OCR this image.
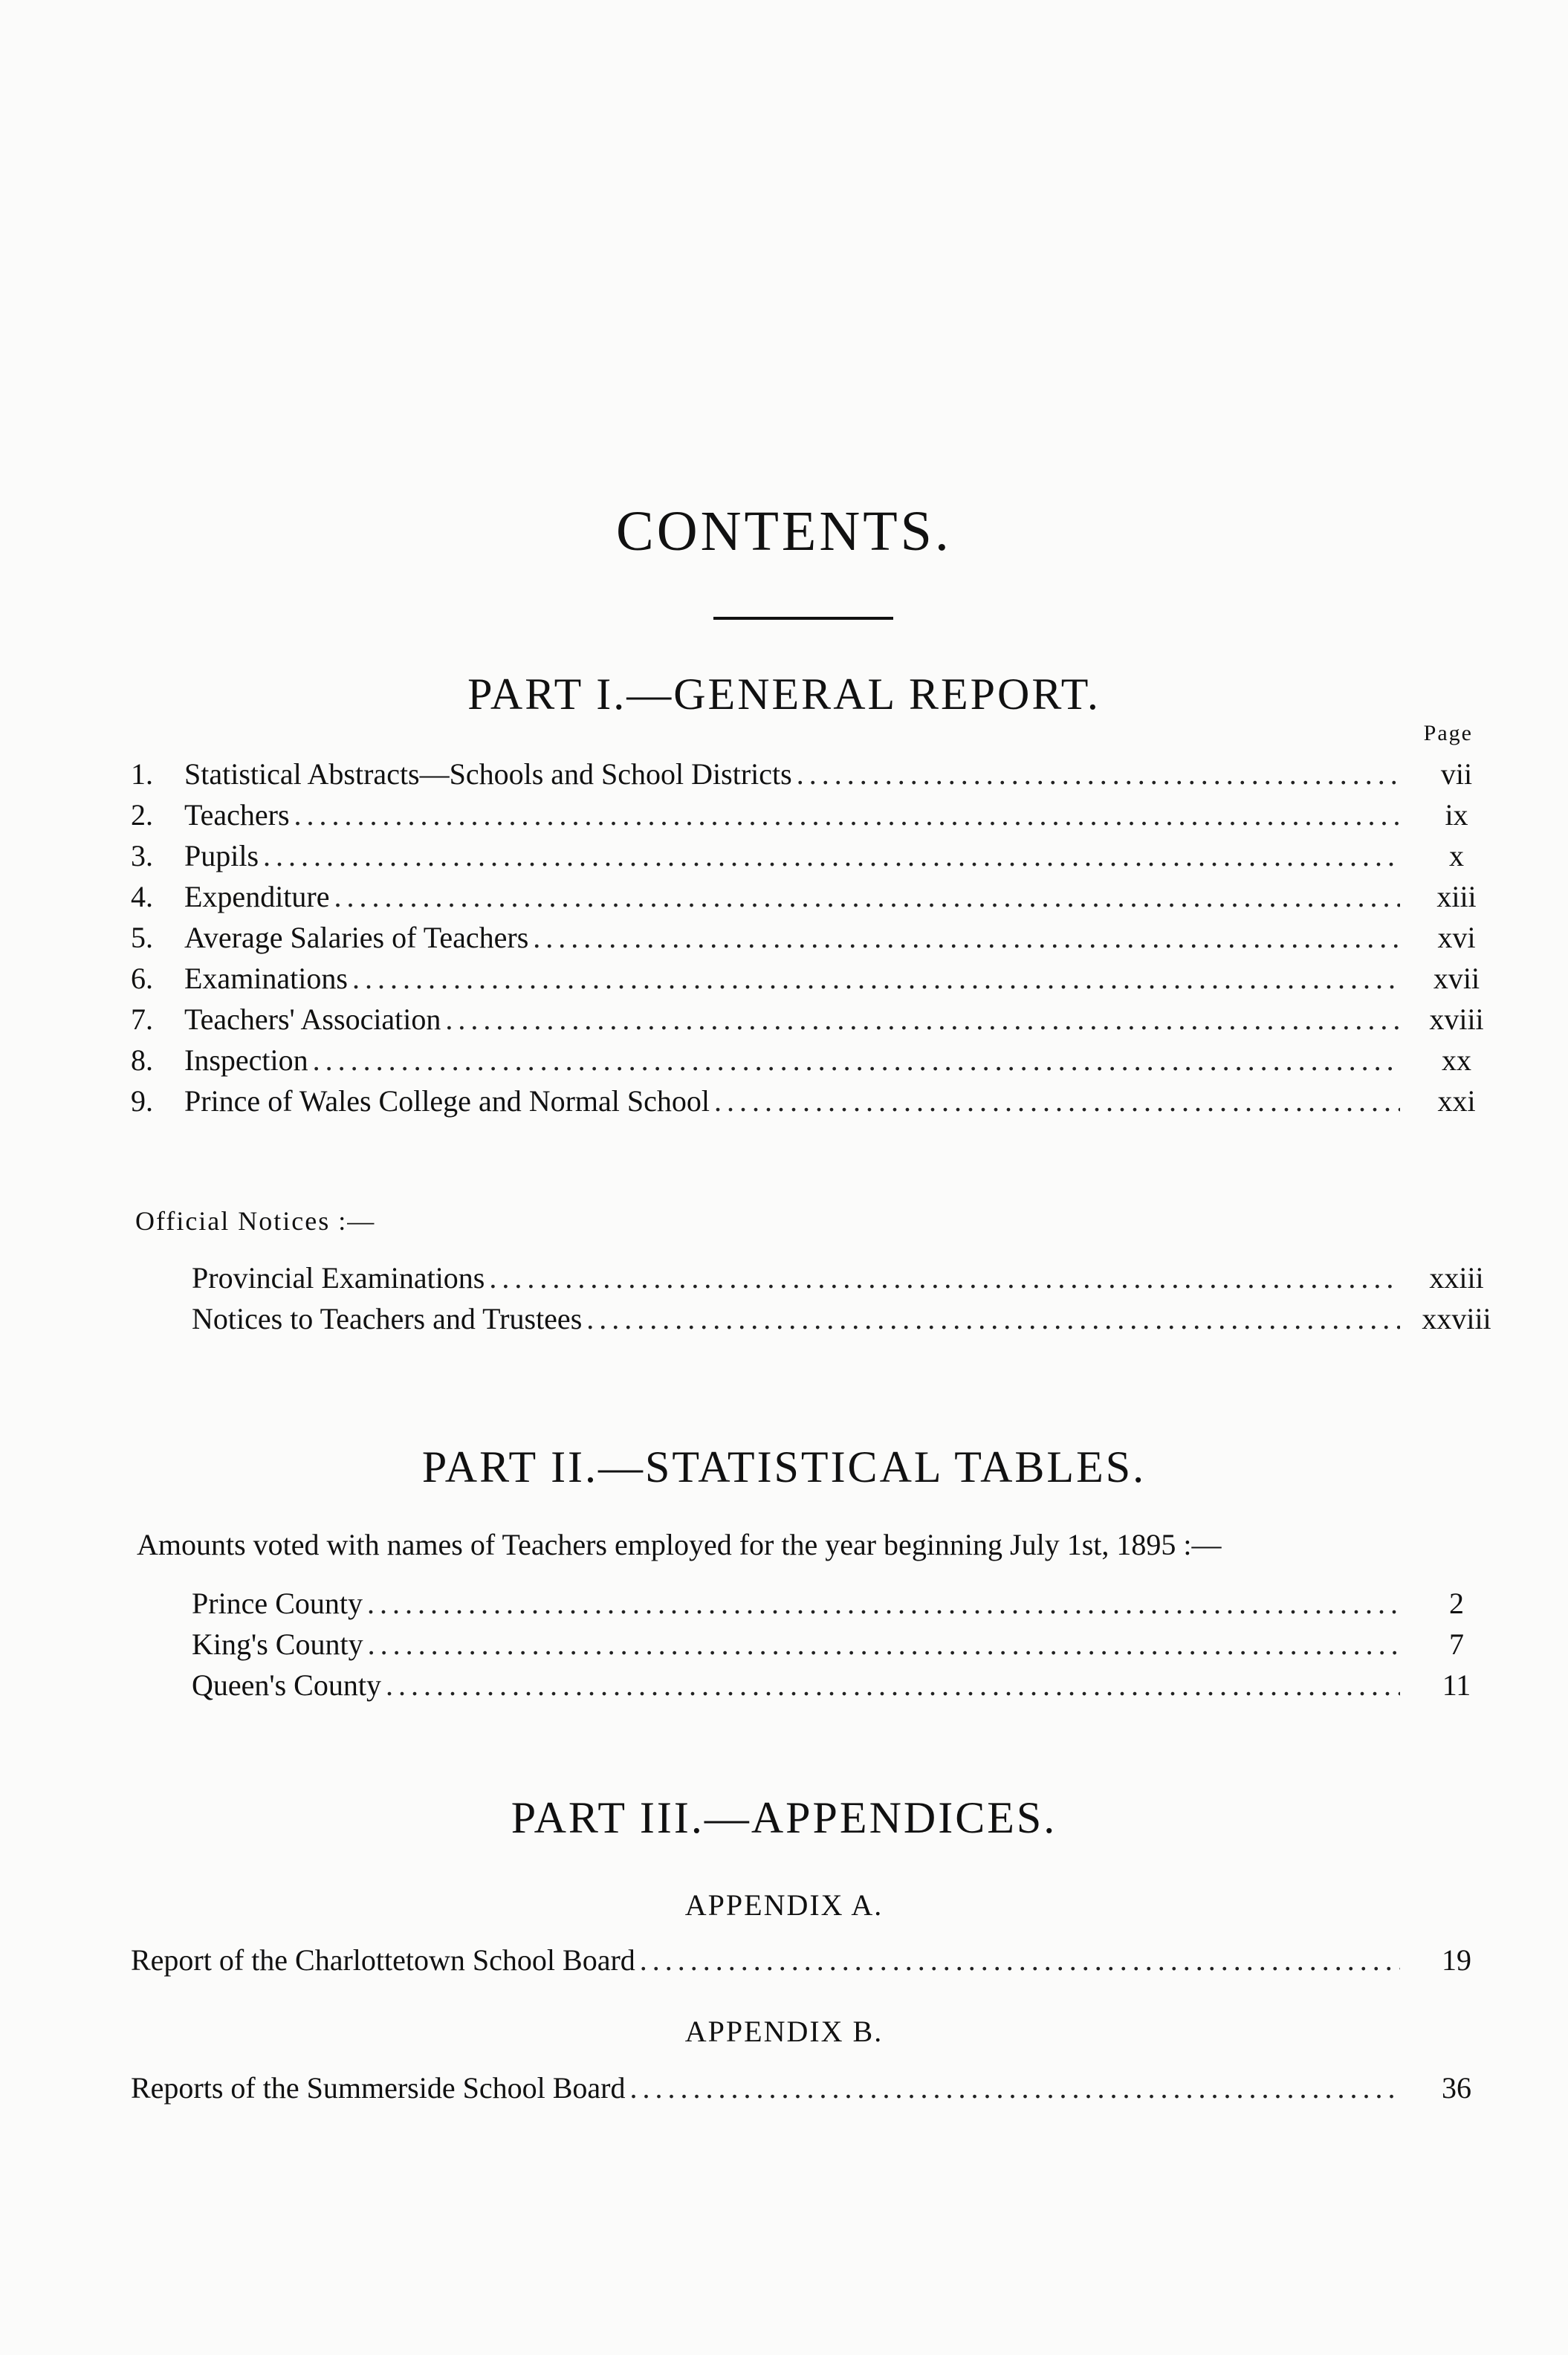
CONTENTS.
PART I.—GENERAL REPORT.
Page
1.	Statistical Abstracts—Schools and School Districts .....	vii
2.	Teachers .....	ix
3.	Pupils .....	x
4.	Expenditure .....	xiii
5.	Average Salaries of Teachers .....	xvi
6.	Examinations .....	xvii
7.	Teachers' Association .....	xviii
8.	Inspection .....	xx
9.	Prince of Wales College and Normal School .....	xxi
Official Notices :—
Provincial Examinations .....	xxiii
Notices to Teachers and Trustees .....	xxviii
PART II.—STATISTICAL TABLES.
Amounts voted with names of Teachers employed for the year beginning July 1st, 1895 :—
Prince County .....	2
King's County .....	7
Queen's County .....	11
PART III.—APPENDICES.
APPENDIX A.
Report of the Charlottetown School Board .....	19
APPENDIX B.
Reports of the Summerside School Board .....	36
